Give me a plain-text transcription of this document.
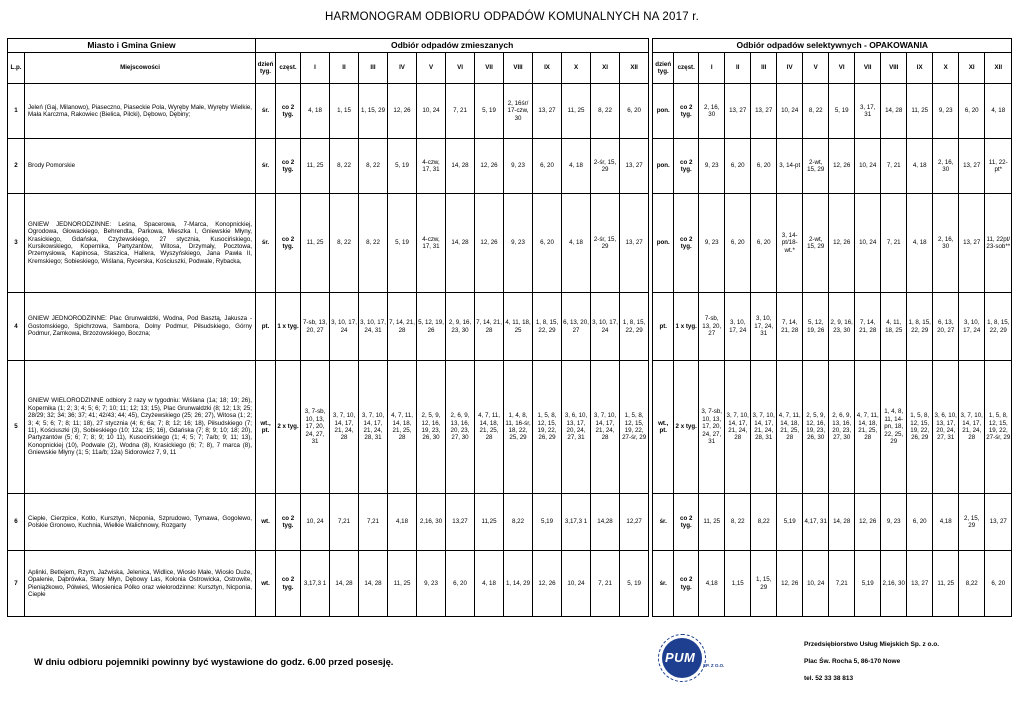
HARMONOGRAM ODBIORU ODPADÓW KOMUNALNYCH NA 2017 r.
Miasto i Gmina Gniew		Odbiór odpadów zmieszanych															Odbiór odpadów selektywnych - OPAKOWANIA													
L.p.	Miejscowości	dzień tyg.	częst.	I	II	III	IV	V	VI	VII	VIII	IX	X	XI	XII		dzień tyg.	częst.	I	II	III	IV	V	VI	VII	VIII	IX	X	XI	XII
1	Jeleń (Gaj, Milanowo), Piaseczno, Piaseckie Pola, Wyręby Małe, Wyręby Wielkie, Mała Karczma, Rakowiec (Bielica, Pilcki), Dębowo, Dębiny;	śr.	co 2 tyg.	4, 18	1, 15	1, 15, 29	12, 26	10, 24	7, 21	5, 19	2, 16śr/ 17-czw, 30	13, 27	11, 25	8, 22	6, 20		pon.	co 2 tyg.	2, 16, 30	13, 27	13, 27	10, 24	8, 22	5, 19	3, 17, 31	14, 28	11, 25	9, 23	6, 20	4, 18
2	Brody Pomorskie	śr.	co 2 tyg.	11, 25	8, 22	8, 22	5, 19	4-czw, 17, 31	14, 28	12, 26	9, 23	6, 20	4, 18	2-śr, 15, 29	13, 27		pon.	co 2 tyg.	9, 23	6, 20	6, 20	3, 14-pt	2-wt, 15, 29	12, 26	10, 24	7, 21	4, 18	2, 16, 30	13, 27	11, 22-pt*
3	GNIEW JEDNORODZINNE: Leśna, Spacerowa, 7-Marca, Konopnickiej, Ogrodowa, Głowackiego, Behrendta, Parkowa, Mieszka I, Gniewskie Młyny, Krasickiego, Gdańska, Czyżewskiego, 27 stycznia, Kusocińskiego, Kursikowskiego, Kopernika, Partyzantów, Witosa, Drzymały, Pocztowa, Przemysłowa, Kapinosa, Staszica, Hallera, Wyszyńskiego, Jana Pawła II, Kremskiego; Sobieskiego, Wiślana, Rycerska, Kościuszki, Podwale, Rybacka,	śr.	co 2 tyg.	11, 25	8, 22	8, 22	5, 19	4-czw, 17, 31	14, 28	12, 26	9, 23	6, 20	4, 18	2-śr, 15, 29	13, 27		pon.	co 2 tyg.	9, 23	6, 20	6, 20	3, 14-pt/18-wt.*	2-wt, 15, 29	12, 26	10, 24	7, 21	4, 18	2, 16, 30	13, 27	11, 22pt/ 23-sob**
4	GNIEW JEDNORODZINNE: Plac Grunwaldzki, Wodna, Pod Basztą, Jakusza -Gostomskiego, Spichrzowa, Sambora, Dolny Podmur, Piłsudskiego, Górny Podmur, Zamkowa, Brzozowskiego, Boczna;	pt.	1 x tyg.	7-sb, 13, 20, 27	3, 10, 17, 24	3, 10, 17, 24, 31	7, 14, 21, 28	5, 12, 19, 26	2, 9, 16, 23, 30	7, 14, 21, 28	4, 11, 18, 25	1, 8, 15, 22, 29	6, 13, 20, 27	3, 10, 17, 24	1, 8, 15, 22, 29		pt.	1 x tyg.	7-sb, 13, 20, 27	3, 10, 17, 24	3, 10, 17, 24, 31	7, 14, 21, 28	5, 12, 19, 26	2, 9, 16, 23, 30	7, 14, 21, 28	4, 11, 18, 25	1, 8, 15, 22, 29	6, 13, 20, 27	3, 10, 17, 24	1, 8, 15, 22, 29
5	GNIEW WIELORODZINNE odbiory 2 razy w tygodniu: Wiślana (1a; 18; 19; 26), Kopernika (1; 2; 3; 4; 5; 6; 7; 10; 11; 12; 13; 15), Plac Grunwaldzki (8; 12; 13; 25; 28/29; 32; 34; 36; 37; 41; 42/43; 44; 45), Czyżewskiego (25; 26; 27), Witosa (1; 2; 3; 4; 5; 6; 7; 8; 11; 18), 27 stycznia (4; 6; 6a; 7; 8; 12; 16; 18), Piłsudskiego (7; 11), Kościuszki (3), Sobieskiego (10; 12a; 15; 16), Gdańska (7; 8; 9; 10; 18; 20), Partyzantów (5; 6; 7; 8; 9; 10 11), Kusocińskiego (1; 4; 5; 7; 7a/b; 9; 11; 13), Konopnickiej (10), Podwale (2), Wodna (8), Krasickiego (6; 7; 8), 7 marca (8), Gniewskie Młyny (1; 5; 11a/b; 12a) Sidorowicz 7, 9, 11	wt., pt.	2 x tyg.	3, 7-sb, 10, 13, 17, 20, 24, 27, 31	3, 7, 10, 14, 17, 21, 24, 28	3, 7, 10, 14, 17, 21, 24, 28, 31	4, 7, 11, 14, 18, 21, 25, 28	2, 5, 9, 12, 16, 19, 23, 26, 30	2, 6, 9, 13, 16, 20, 23, 27, 30	4, 7, 11, 14, 18, 21, 25, 28	1, 4, 8, 11, 16-śr, 18, 22, 25, 29	1, 5, 8, 12, 15, 19, 22, 26, 29	3, 6, 10, 13, 17, 20, 24, 27, 31	3, 7, 10, 14, 17, 21, 24, 28	1, 5, 8, 12, 15, 19, 22, 27-śr, 29		wt., pt.	2 x tyg.	3, 7-sb, 10, 13, 17, 20, 24, 27, 31	3, 7, 10, 14, 17, 21, 24, 28	3, 7, 10, 14, 17, 21, 24, 28, 31	4, 7, 11, 14, 18, 21, 25, 28	2, 5, 9, 12, 16, 19, 23, 26, 30	2, 6, 9, 13, 16, 20, 23, 27, 30	4, 7, 11, 14, 18, 21, 25, 28	1, 4, 8, 11, 14-pn, 18, 22, 25, 29	1, 5, 8, 12, 15, 19, 22, 26, 29	3, 6, 10, 13, 17, 20, 24, 27, 31	3, 7, 10, 14, 17, 21, 24, 28	1, 5, 8, 12, 15, 19, 22, 27-śr, 29
6	Ciepłe, Cierzpice, Kotło, Kursztyn, Nicponia, Szprudowo, Tymawa, Gogolewo, Polskie Gronowo, Kuchnia, Wielkie Walichnowy, Rozgarty	wt.	co 2 tyg.	10, 24	7,21	7,21	4,18	2,16, 30	13,27	11,25	8,22	5,19	3,17,3 1	14,28	12,27		śr.	co 2 tyg.	11, 25	8, 22	8,22	5,19	4,17, 31	14, 28	12, 26	9, 23	6, 20	4,18	2, 15, 29	13, 27
7	Aplinki, Betlejem, Rzym, Jaźwiska, Jelenica, Widlice, Wiosło Małe, Wiosło Duże, Opalenie, Dąbrówka, Stary Młyn, Dębowy Las, Kolonia Ostrowicka, Ostrowite, Pieniążkowo, Półwieś, Włosienica Pólko oraz wielorodzinne: Kursztyn, Nicponia, Ciepłe	wt.	co 2 tyg.	3,17,3 1	14, 28	14, 28	11, 25	9, 23	6, 20	4, 18	1, 14, 29	12, 26	10, 24	7, 21	5, 19		śr.	co 2 tyg.	4,18	1,15	1, 15, 29	12, 26	10, 24	7,21	5,19	2,16, 30	13, 27	11, 25	8,22	6, 20
W dniu odbioru pojemniki powinny być wystawione do godz. 6.00 przed posesję.	PUM
SP. Z O.O.
Przedsiębiorstwo Usług Miejskich Sp. z o.o.
Plac Św. Rocha 5, 86-170 Nowe
tel. 52 33 38 813
